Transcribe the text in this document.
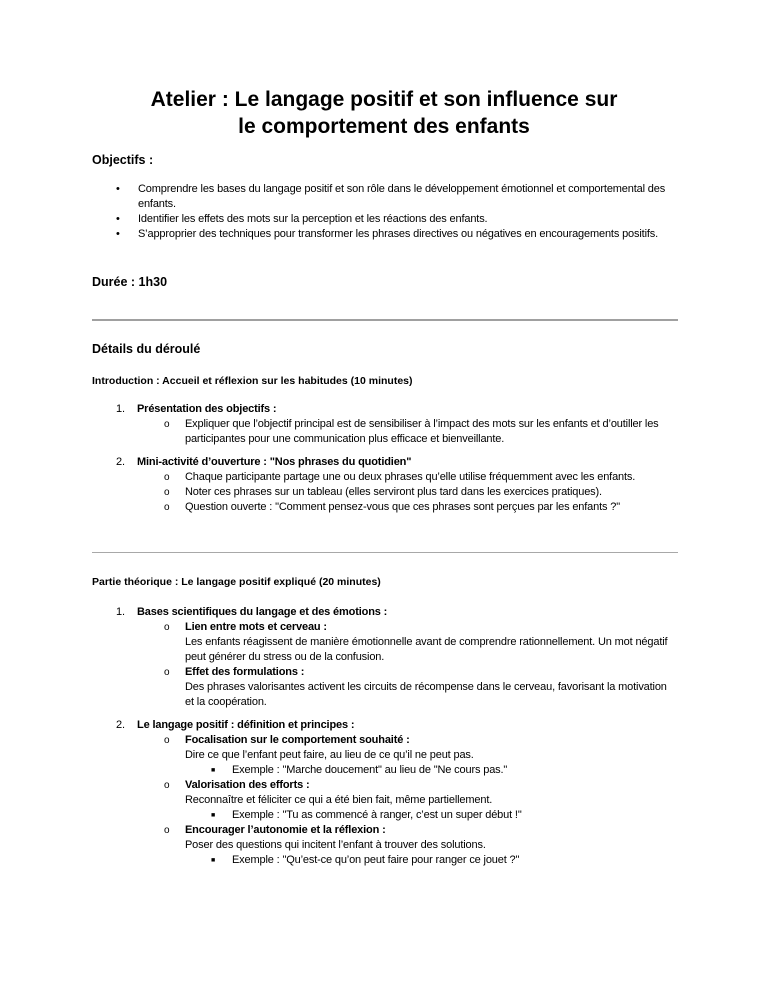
Atelier : Le langage positif et son influence sur le comportement des enfants
Objectifs :
• Comprendre les bases du langage positif et son rôle dans le développement émotionnel et comportemental des enfants.
• Identifier les effets des mots sur la perception et les réactions des enfants.
• S’approprier des techniques pour transformer les phrases directives ou négatives en encouragements positifs.
Durée : 1h30
Détails du déroulé
Introduction : Accueil et réflexion sur les habitudes (10 minutes)
1. Présentation des objectifs :
o Expliquer que l’objectif principal est de sensibiliser à l’impact des mots sur les enfants et d’outiller les participantes pour une communication plus efficace et bienveillante.
2. Mini-activité d’ouverture : "Nos phrases du quotidien"
o Chaque participante partage une ou deux phrases qu’elle utilise fréquemment avec les enfants.
o Noter ces phrases sur un tableau (elles serviront plus tard dans les exercices pratiques).
o Question ouverte : "Comment pensez-vous que ces phrases sont perçues par les enfants ?"
Partie théorique : Le langage positif expliqué (20 minutes)
1. Bases scientifiques du langage et des émotions :
o Lien entre mots et cerveau :
Les enfants réagissent de manière émotionnelle avant de comprendre rationnellement. Un mot négatif peut générer du stress ou de la confusion.
o Effet des formulations :
Des phrases valorisantes activent les circuits de récompense dans le cerveau, favorisant la motivation et la coopération.
2. Le langage positif : définition et principes :
o Focalisation sur le comportement souhaité :
Dire ce que l’enfant peut faire, au lieu de ce qu’il ne peut pas.
■ Exemple : "Marche doucement" au lieu de "Ne cours pas."
o Valorisation des efforts :
Reconnaître et féliciter ce qui a été bien fait, même partiellement.
■ Exemple : "Tu as commencé à ranger, c’est un super début !"
o Encourager l’autonomie et la réflexion :
Poser des questions qui incitent l’enfant à trouver des solutions.
■ Exemple : "Qu’est-ce qu’on peut faire pour ranger ce jouet ?"
